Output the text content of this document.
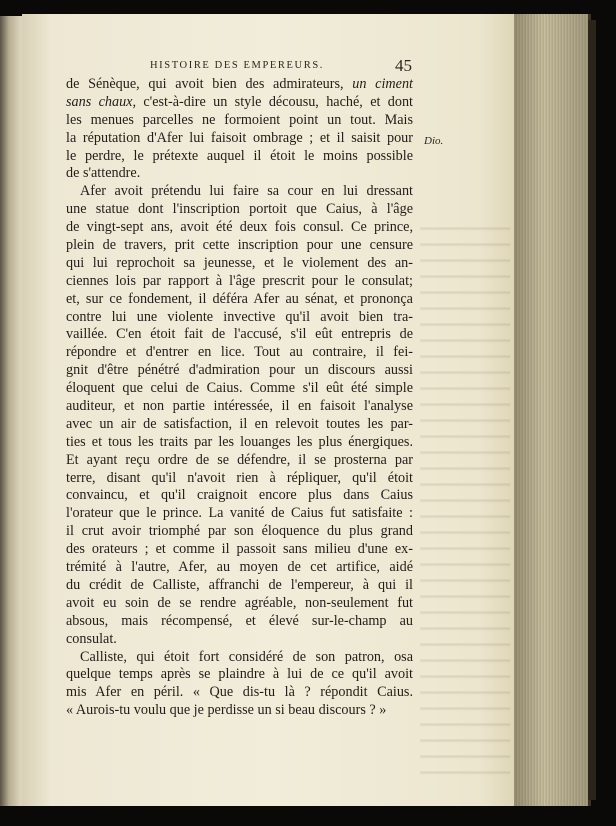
HISTOIRE DES EMPEREURS.	45
Dio.
de Sénèque, qui avoit bien des admirateurs, un ciment
sans chaux, c'est-à-dire un style décousu, haché, et dont
les menues parcelles ne formoient point un tout. Mais
la réputation d'Afer lui faisoit ombrage ; et il saisit pour
le perdre, le prétexte auquel il étoit le moins possible
de s'attendre.
Afer avoit prétendu lui faire sa cour en lui dressant
une statue dont l'inscription portoit que Caius, à l'âge
de vingt-sept ans, avoit été deux fois consul. Ce prince,
plein de travers, prit cette inscription pour une censure
qui lui reprochoit sa jeunesse, et le violement des an-
ciennes lois par rapport à l'âge prescrit pour le consulat;
et, sur ce fondement, il déféra Afer au sénat, et prononça
contre lui une violente invective qu'il avoit bien tra-
vaillée. C'en étoit fait de l'accusé, s'il eût entrepris de
répondre et d'entrer en lice. Tout au contraire, il fei-
gnit d'être pénétré d'admiration pour un discours aussi
éloquent que celui de Caius. Comme s'il eût été simple
auditeur, et non partie intéressée, il en faisoit l'analyse
avec un air de satisfaction, il en relevoit toutes les par-
ties et tous les traits par les louanges les plus énergiques.
Et ayant reçu ordre de se défendre, il se prosterna par
terre, disant qu'il n'avoit rien à répliquer, qu'il étoit
convaincu, et qu'il craignoit encore plus dans Caius
l'orateur que le prince. La vanité de Caius fut satisfaite :
il crut avoir triomphé par son éloquence du plus grand
des orateurs ; et comme il passoit sans milieu d'une ex-
trémité à l'autre, Afer, au moyen de cet artifice, aidé
du crédit de Calliste, affranchi de l'empereur, à qui il
avoit eu soin de se rendre agréable, non-seulement fut
absous, mais récompensé, et élevé sur-le-champ au
consulat.
Calliste, qui étoit fort considéré de son patron, osa
quelque temps après se plaindre à lui de ce qu'il avoit
mis Afer en péril. « Que dis-tu là ? répondit Caius.
« Aurois-tu voulu que je perdisse un si beau discours ? »
